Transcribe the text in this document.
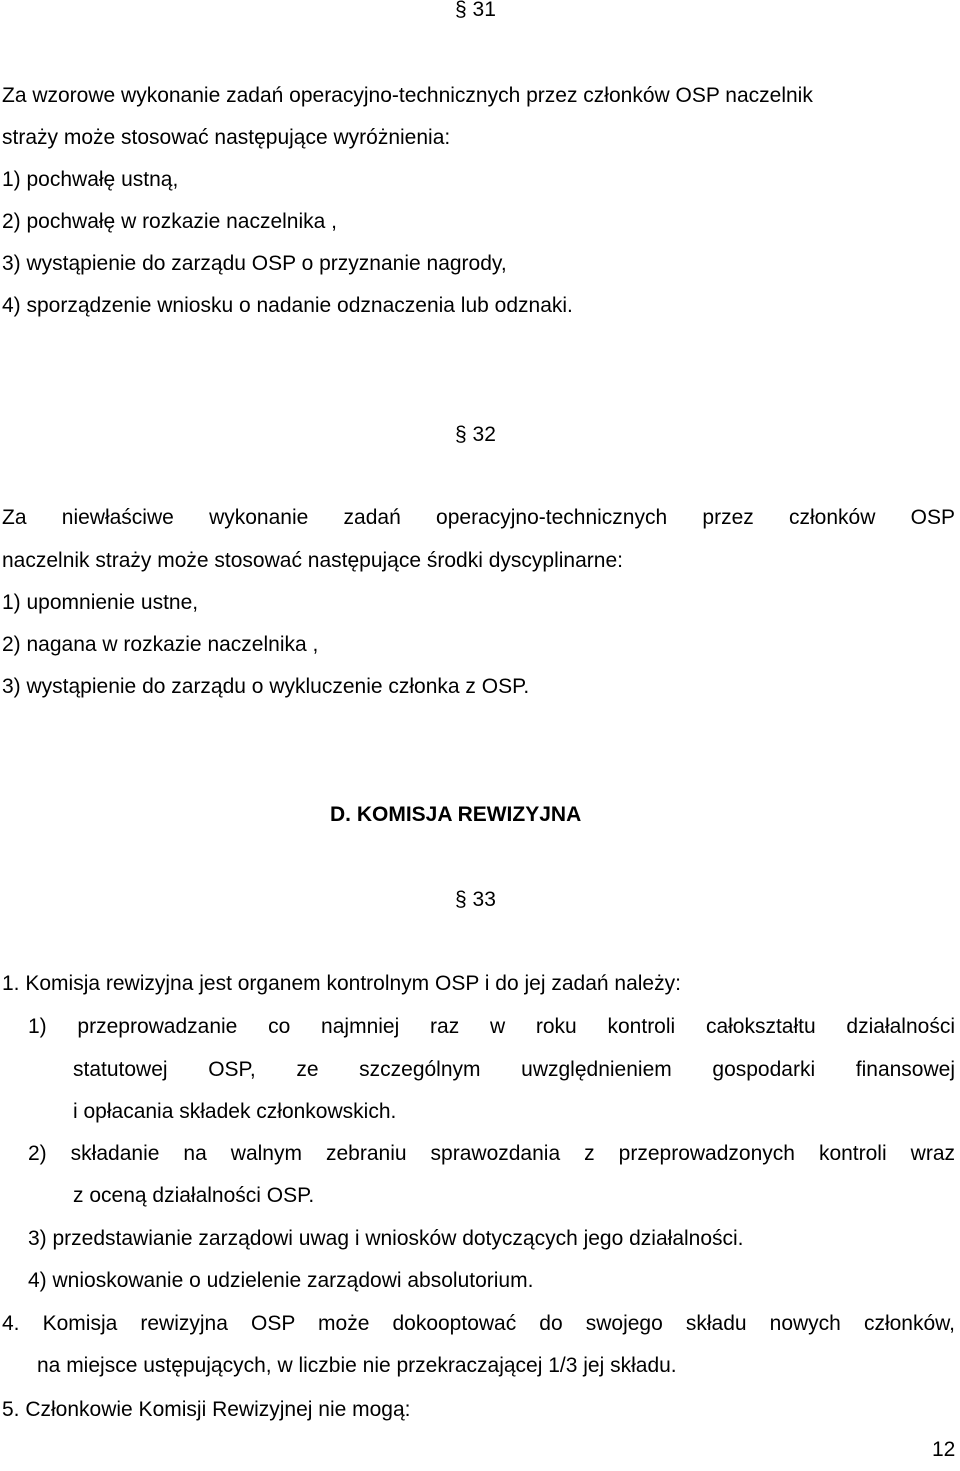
§ 31
Za wzorowe wykonanie zadań operacyjno-technicznych przez członków OSP naczelnik
straży może stosować następujące wyróżnienia:
1) pochwałę ustną,
2) pochwałę w rozkazie naczelnika ,
3) wystąpienie do zarządu OSP o przyznanie nagrody,
4) sporządzenie wniosku o nadanie odznaczenia lub odznaki.
§ 32
Za niewłaściwe wykonanie zadań operacyjno-technicznych przez członków OSP
naczelnik straży może stosować następujące środki dyscyplinarne:
1) upomnienie ustne,
2) nagana w rozkazie naczelnika ,
3) wystąpienie do zarządu o wykluczenie członka z OSP.
D. KOMISJA REWIZYJNA
§ 33
1. Komisja rewizyjna jest organem kontrolnym OSP i do jej zadań należy:
1) przeprowadzanie co najmniej raz w roku kontroli całokształtu działalności
statutowej OSP, ze szczególnym uwzględnieniem gospodarki finansowej
i opłacania składek członkowskich.
2) składanie na walnym zebraniu sprawozdania z przeprowadzonych kontroli wraz
z oceną działalności OSP.
3) przedstawianie zarządowi uwag i wniosków dotyczących jego działalności.
4) wnioskowanie o udzielenie zarządowi absolutorium.
4. Komisja rewizyjna OSP może dokooptować do swojego składu nowych członków,
na miejsce ustępujących, w liczbie nie przekraczającej 1/3 jej składu.
5. Członkowie Komisji Rewizyjnej nie mogą:
12
